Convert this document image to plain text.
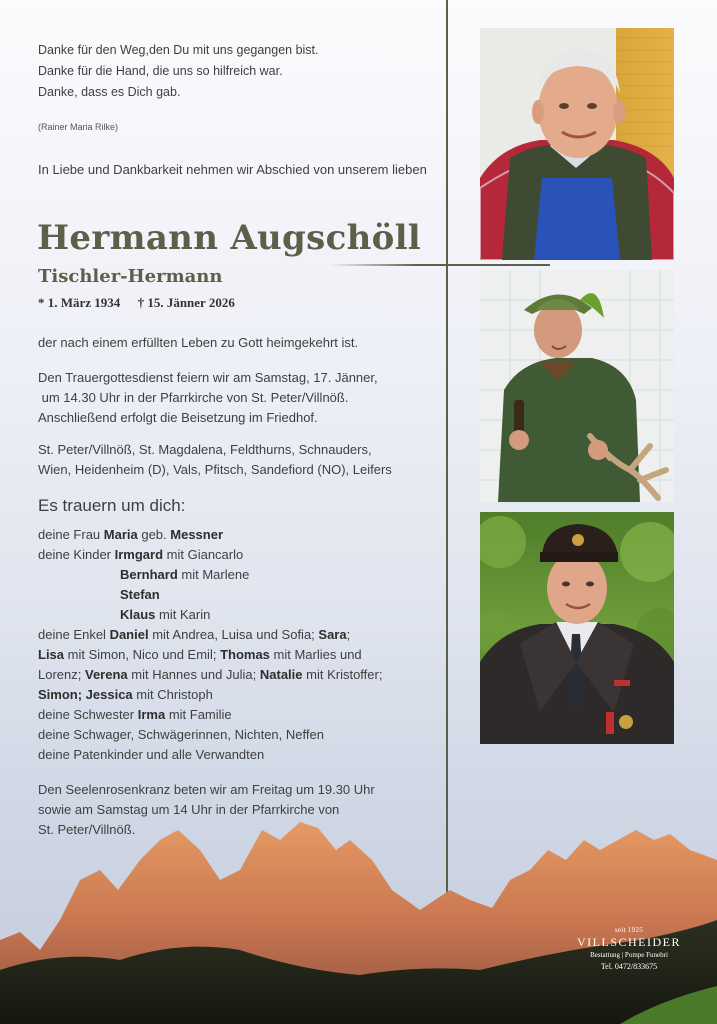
Danke für den Weg,den Du mit uns gegangen bist.
Danke für die Hand, die uns so hilfreich war.
Danke, dass es Dich gab.
(Rainer Maria Rilke)
In Liebe und Dankbarkeit nehmen wir Abschied von unserem lieben
Hermann Augschöll
Tischler-Hermann
* 1. März 1934 † 15. Jänner 2026
der nach einem erfüllten Leben zu Gott heimgekehrt ist.
Den Trauergottesdienst feiern wir am Samstag, 17. Jänner,
um 14.30 Uhr in der Pfarrkirche von St. Peter/Villnöß.
Anschließend erfolgt die Beisetzung im Friedhof.
St. Peter/Villnöß, St. Magdalena, Feldthurns, Schnauders,
Wien, Heidenheim (D), Vals, Pfitsch, Sandefiord (NO), Leifers
Es trauern um dich:
deine Frau Maria geb. Messner
deine Kinder Irmgard mit Giancarlo
Bernhard mit Marlene
Stefan
Klaus mit Karin
deine Enkel Daniel mit Andrea, Luisa und Sofia; Sara;
Lisa mit Simon, Nico und Emil; Thomas mit Marlies und
Lorenz; Verena mit Hannes und Julia; Natalie mit Kristoffer;
Simon; Jessica mit Christoph
deine Schwester Irma mit Familie
deine Schwager, Schwägerinnen, Nichten, Neffen
deine Patenkinder und alle Verwandten
Den Seelenrosenkranz beten wir am Freitag um 19.30 Uhr
sowie am Samstag um 14 Uhr in der Pfarrkirche von
St. Peter/Villnöß.
seit 1925
VILLSCHEIDER
Bestattung | Pompe Funebri
Tel. 0472/833675
